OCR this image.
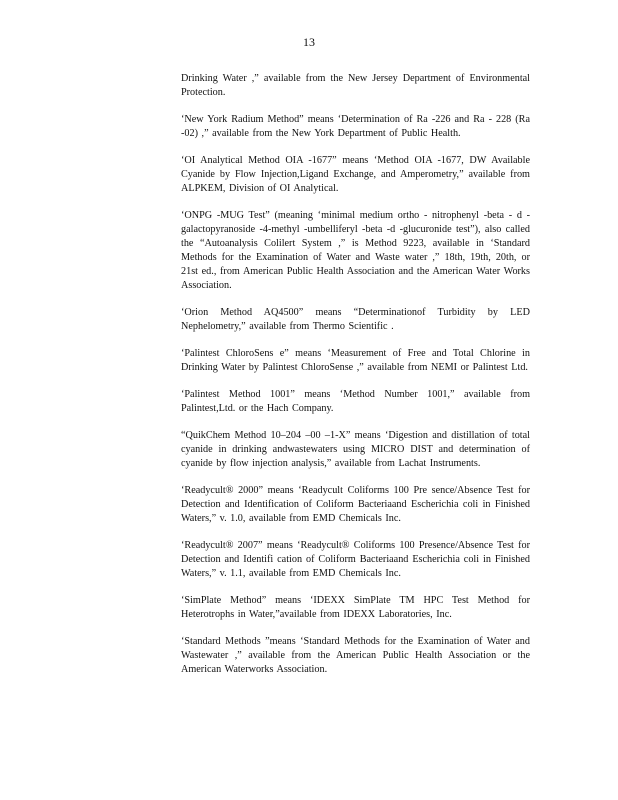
13

Drinking Water ,” available from the New Jersey Department of Environmental Protection.

‘New York Radium Method” means ‘Determination of Ra -226 and Ra - 228 (Ra -02) ,” available from the New York Department of Public Health.

‘OI Analytical Method OIA -1677” means ‘Method OIA -1677, DW Available Cyanide by Flow Injection,Ligand Exchange, and Amperometry,” available from ALPKEM, Division of OI Analytical.

‘ONPG -MUG Test” (meaning ‘minimal medium ortho - nitrophenyl -beta - d -galactopyranoside -4-methyl -umbelliferyl -beta -d -glucuronide test”), also called the “Autoanalysis Colilert System ,” is Method 9223, available in ‘Standard Methods for the Examination of Water and Waste water ,” 18th, 19th, 20th, or 21st ed., from American Public Health Association and the American Water Works Association.

‘Orion Method AQ4500” means “Determinationof Turbidity by LED Nephelometry,” available from Thermo Scientific .

‘Palintest ChloroSens e” means ‘Measurement of Free and Total Chlorine in Drinking Water by Palintest ChloroSense ,” available from NEMI or Palintest Ltd.

‘Palintest Method 1001” means ‘Method Number 1001,” available from Palintest,Ltd. or the Hach Company.

“QuikChem Method 10–204 –00 –1-X” means ‘Digestion and distillation of total cyanide in drinking andwastewaters using MICRO DIST and determination of cyanide by flow injection analysis,” available from Lachat Instruments.

‘Readycult® 2000” means ‘Readycult Coliforms 100 Pre sence/Absence Test for Detection and Identification of Coliform Bacteriaand Escherichia coli in Finished Waters,” v. 1.0, available from EMD Chemicals Inc.

‘Readycult® 2007” means ‘Readycult® Coliforms 100 Presence/Absence Test for Detection and Identifi cation of Coliform Bacteriaand Escherichia coli in Finished Waters,” v. 1.1, available from EMD Chemicals Inc.

‘SimPlate Method” means ‘IDEXX SimPlate TM HPC Test Method for Heterotrophs in Water,”available from IDEXX Laboratories, Inc.

‘Standard Methods ”means ‘Standard Methods for the Examination of Water and Wastewater ,” available from the American Public Health Association or the American Waterworks Association.
